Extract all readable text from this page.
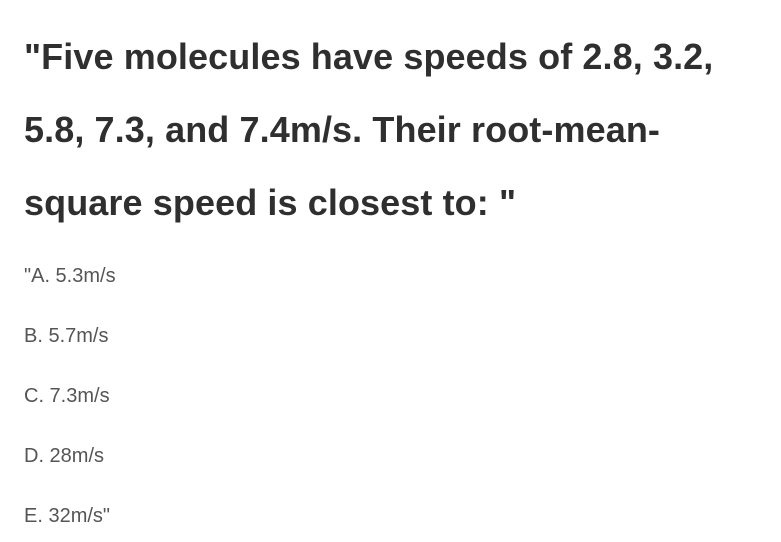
"Five molecules have speeds of 2.8, 3.2, 5.8, 7.3, and 7.4m/s. Their root-mean-square speed is closest to: "
"A. 5.3m/s
B. 5.7m/s
C. 7.3m/s
D. 28m/s
E. 32m/s"
